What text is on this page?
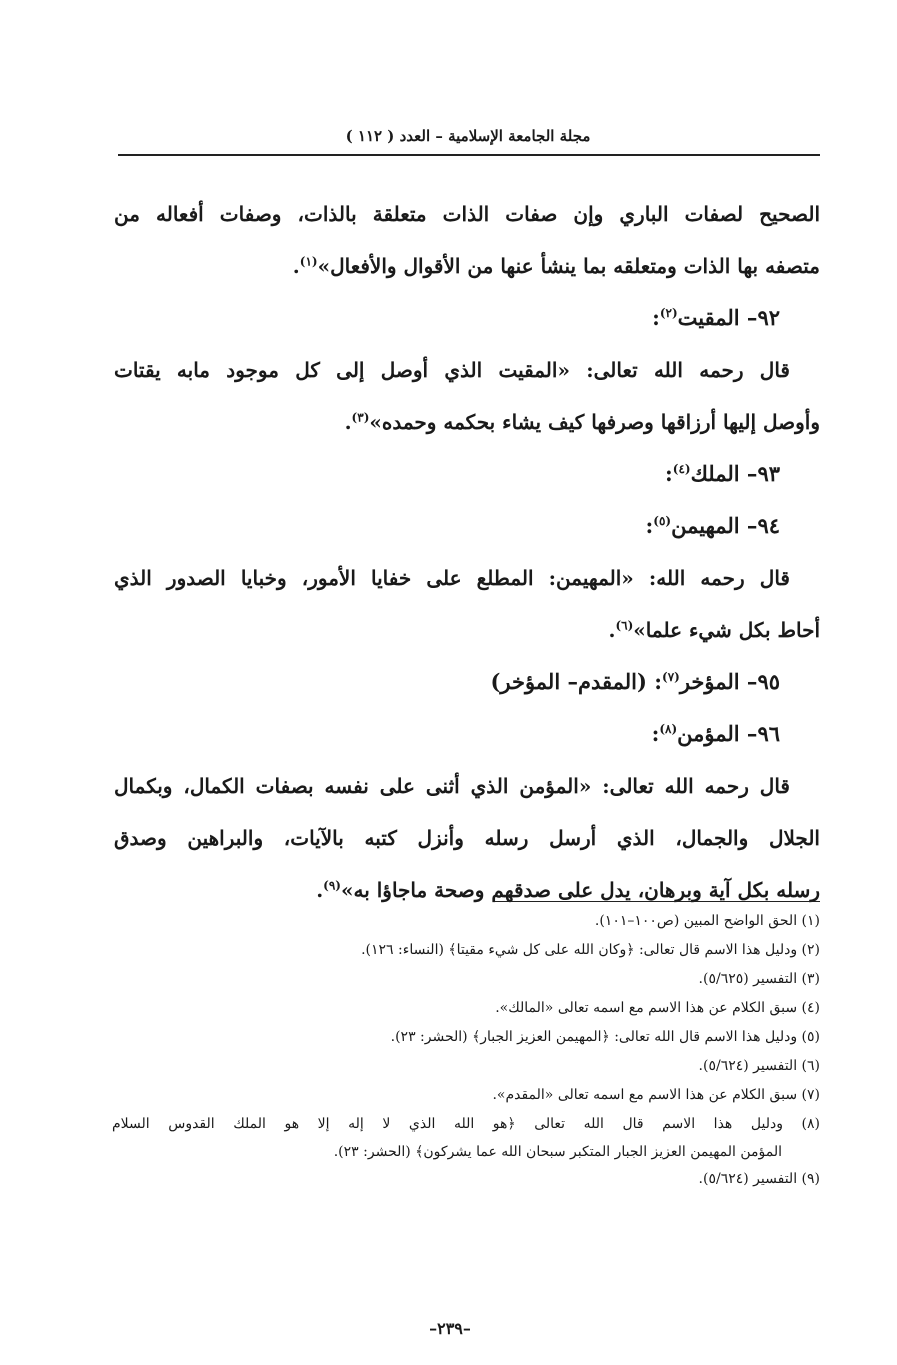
مجلة الجامعة الإسلامية – العدد ( ١١٢ )
الصحيح لصفات الباري وإن صفات الذات متعلقة بالذات، وصفات أفعاله من
متصفه بها الذات ومتعلقه بما ينشأ عنها من الأقوال والأفعال»$^{(١)}$.
٩٢– المقيت$^{(٢)}$:
قال رحمه الله تعالى: «المقيت الذي أوصل إلى كل موجود مابه يقتات
وأوصل إليها أرزاقها وصرفها كيف يشاء بحكمه وحمده»$^{(٣)}$.
٩٣– الملك$^{(٤)}$:
٩٤– المهيمن$^{(٥)}$:
قال رحمه الله: «المهيمن: المطلع على خفايا الأمور، وخبايا الصدور الذي
أحاط بكل شيء علما»$^{(٦)}$.
٩٥– المؤخر$^{(٧)}$: (المقدم– المؤخر)
٩٦– المؤمن$^{(٨)}$:
قال رحمه الله تعالى: «المؤمن الذي أثنى على نفسه بصفات الكمال، وبكمال
الجلال والجمال، الذي أرسل رسله وأنزل كتبه بالآيات، والبراهين وصدق
رسله بكل آية وبرهان، يدل على صدقهم وصحة ماجاؤا به»$^{(٩)}$.
(١) الحق الواضح المبين (ص١٠٠–١٠١).
(٢) ودليل هذا الاسم قال تعالى: ﴿وكان الله على كل شيء مقيتا﴾ (النساء: ١٢٦).
(٣) التفسير (٥/٦٢٥).
(٤) سبق الكلام عن هذا الاسم مع اسمه تعالى «المالك».
(٥) ودليل هذا الاسم قال الله تعالى: ﴿المهيمن العزيز الجبار﴾ (الحشر: ٢٣).
(٦) التفسير (٥/٦٢٤).
(٧) سبق الكلام عن هذا الاسم مع اسمه تعالى «المقدم».
(٨) ودليل هذا الاسم قال الله تعالى ﴿هو الله الذي لا إله إلا هو الملك القدوس السلام
المؤمن المهيمن العزيز الجبار المتكبر سبحان الله عما يشركون﴾ (الحشر: ٢٣).
(٩) التفسير (٥/٦٢٤).
–٢٣٩–
